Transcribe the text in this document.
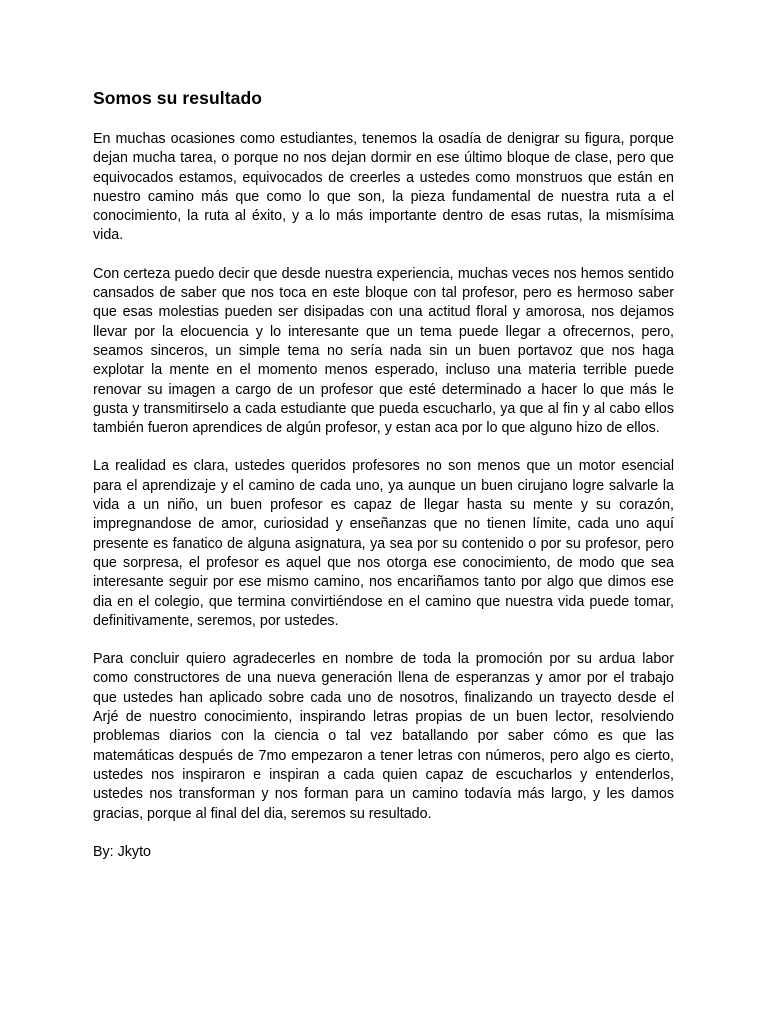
Somos su resultado

En muchas ocasiones como estudiantes, tenemos la osadía de denigrar su figura, porque dejan mucha tarea, o porque no nos dejan dormir en ese último bloque de clase, pero que equivocados estamos, equivocados de creerles a ustedes como monstruos que están en nuestro camino más que como lo que son, la pieza fundamental de nuestra ruta a el conocimiento, la ruta al éxito, y a lo más importante dentro de esas rutas, la mismísima vida.

Con certeza puedo decir que desde nuestra experiencia, muchas veces nos hemos sentido cansados de saber que nos toca en este bloque con tal profesor, pero es hermoso saber que esas molestias pueden ser disipadas con una actitud floral y amorosa, nos dejamos llevar por la elocuencia y lo interesante que un tema puede llegar a ofrecernos, pero, seamos sinceros, un simple tema no sería nada sin un buen portavoz que nos haga explotar la mente en el momento menos esperado, incluso una materia terrible puede renovar su imagen a cargo de un profesor que esté determinado a hacer lo que más le gusta y transmitirselo a cada estudiante que pueda escucharlo, ya que al fin y al cabo ellos también fueron aprendices de algún profesor, y estan aca por lo que alguno hizo de ellos.

La realidad es clara, ustedes queridos profesores no son menos que un motor esencial para el aprendizaje y el camino de cada uno, ya aunque un buen cirujano logre salvarle la vida a un niño, un buen profesor es capaz de llegar hasta su mente y su corazón, impregnandose de amor, curiosidad y enseñanzas que no tienen límite, cada uno aquí presente es fanatico de alguna asignatura, ya sea por su contenido o por su profesor, pero que sorpresa, el profesor es aquel que nos otorga ese conocimiento, de modo que sea interesante seguir por ese mismo camino, nos encariñamos tanto por algo que dimos ese dia en el colegio, que termina convirtiéndose en el camino que nuestra vida puede tomar, definitivamente, seremos, por ustedes.

Para concluir quiero agradecerles en nombre de toda la promoción por su ardua labor como constructores de una nueva generación llena de esperanzas y amor por el trabajo que ustedes han aplicado sobre cada uno de nosotros, finalizando un trayecto desde el Arjé de nuestro conocimiento, inspirando letras propias de un buen lector, resolviendo problemas diarios con la ciencia o tal vez batallando por saber cómo es que las matemáticas después de 7mo empezaron a tener letras con números, pero algo es cierto, ustedes nos inspiraron e inspiran a cada quien capaz de escucharlos y entenderlos, ustedes nos transforman y nos forman para un camino todavía más largo, y les damos gracias, porque al final del dia, seremos su resultado.

By: Jkyto
